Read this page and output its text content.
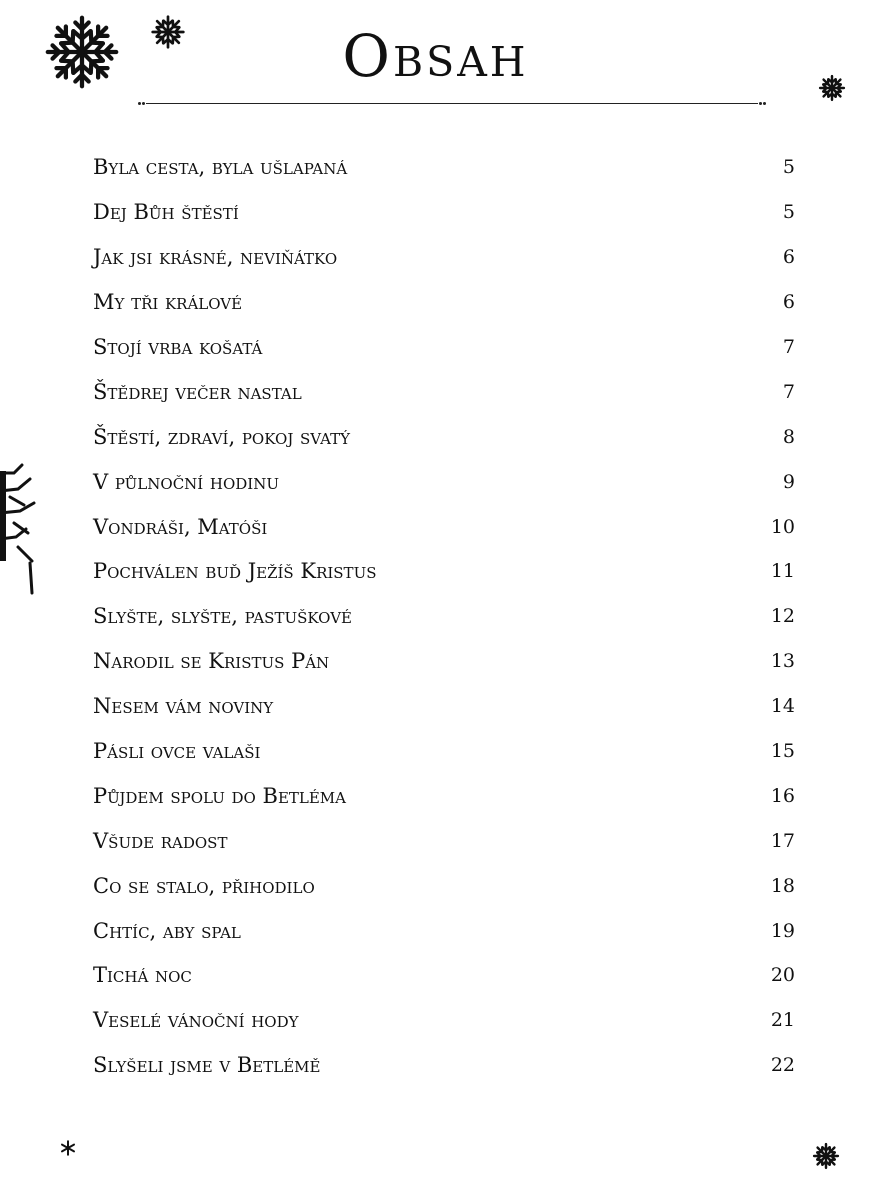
Obsah
Byla cesta, byla ušlapaná	5
Dej Bůh štěstí	5
Jak jsi krásné, neviňátko	6
My tři králové	6
Stojí vrba košatá	7
Štědrej večer nastal	7
Štěstí, zdraví, pokoj svatý	8
V půlnoční hodinu	9
Vondráši, Matóši	10
Pochválen buď Ježíš Kristus	11
Slyšte, slyšte, pastuškové	12
Narodil se Kristus Pán	13
Nesem vám noviny	14
Pásli ovce valaši	15
Půjdem spolu do Betléma	16
Všude radost	17
Co se stalo, přihodilo	18
Chtíc, aby spal	19
Tichá noc	20
Veselé vánoční hody	21
Slyšeli jsme v Betlémě	22
